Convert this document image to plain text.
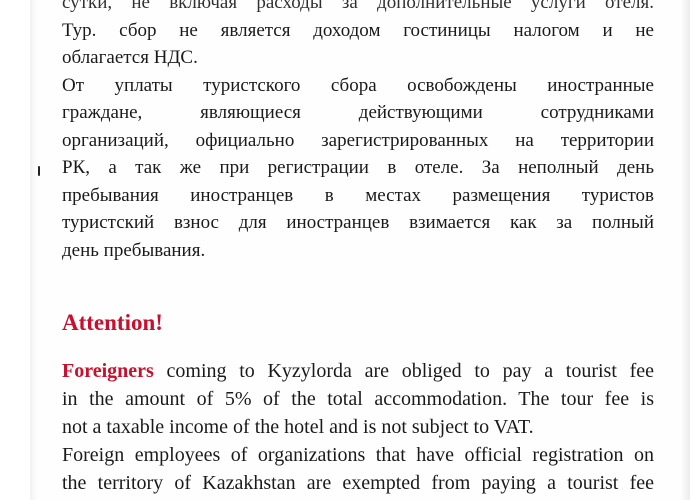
сутки, не включая расходы за дополнительные услуги отеля.
Тур. сбор не является доходом гостиницы налогом и не
облагается НДС.
От уплаты туристского сбора освобождены иностранные
граждане, являющиеся действующими сотрудниками
организаций, официально зарегистрированных на территории
РК, а так же при регистрации в отеле. За неполный день
пребывания иностранцев в местах размещения туристов
туристский взнос для иностранцев взимается как за полный
день пребывания.
Attention!
Foreigners coming to Kyzylorda are obliged to pay a tourist fee
in the amount of 5% of the total accommodation. The tour fee is
not a taxable income of the hotel and is not subject to VAT.
Foreign employees of organizations that have official registration on
the territory of Kazakhstan are exempted from paying a tourist fee
